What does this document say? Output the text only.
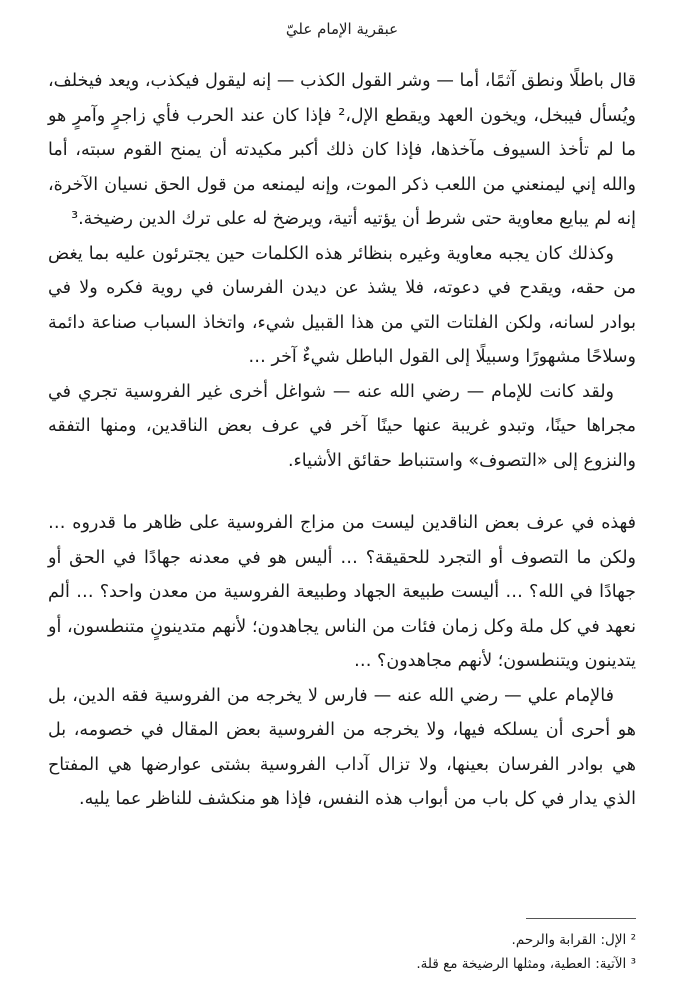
عبقرية الإمام عليّ

قال باطلًا ونطق آثمًا، أما — وشر القول الكذب — إنه ليقول فيكذب، ويعد فيخلف، ويُسأل فيبخل، ويخون العهد ويقطع الإل،² فإذا كان عند الحرب فأي زاجرٍ وآمرٍ هو ما لم تأخذ السيوف مآخذها، فإذا كان ذلك أكبر مكيدته أن يمنح القوم سبته، أما والله إني ليمنعني من اللعب ذكر الموت، وإنه ليمنعه من قول الحق نسيان الآخرة، إنه لم يبايع معاوية حتى شرط أن يؤتيه أتية، ويرضخ له على ترك الدين رضيخة.³

وكذلك كان يجبه معاوية وغيره بنظائر هذه الكلمات حين يجترئون عليه بما يغض من حقه، ويقدح في دعوته، فلا يشذ عن ديدن الفرسان في روية فكره ولا في بوادر لسانه، ولكن الفلتات التي من هذا القبيل شيء، واتخاذ السباب صناعة دائمة وسلاحًا مشهورًا وسبيلًا إلى القول الباطل شيءٌ آخر …

ولقد كانت للإمام — رضي الله عنه — شواغل أخرى غير الفروسية تجري في مجراها حينًا، وتبدو غريبة عنها حينًا آخر في عرف بعض الناقدين، ومنها التفقه والنزوع إلى «التصوف» واستنباط حقائق الأشياء.

فهذه في عرف بعض الناقدين ليست من مزاج الفروسية على ظاهر ما قدروه … ولكن ما التصوف أو التجرد للحقيقة؟ … أليس هو في معدنه جهادًا في الحق أو جهادًا في الله؟ … أليست طبيعة الجهاد وطبيعة الفروسية من معدن واحد؟ … ألم نعهد في كل ملة وكل زمان فئات من الناس يجاهدون؛ لأنهم متدينونٍ متنطسون، أو يتدينون ويتنطسون؛ لأنهم مجاهدون؟ …

فالإمام علي — رضي الله عنه — فارس لا يخرجه من الفروسية فقه الدين، بل هو أحرى أن يسلكه فيها، ولا يخرجه من الفروسية بعض المقال في خصومه، بل هي بوادر الفرسان بعينها، ولا تزال آداب الفروسية بشتى عوارضها هي المفتاح الذي يدار في كل باب من أبواب هذه النفس، فإذا هو منكشف للناظر عما يليه.

² الإل: القرابة والرحم.

³ الآتية: العطية، ومثلها الرضيخة مع قلة.
